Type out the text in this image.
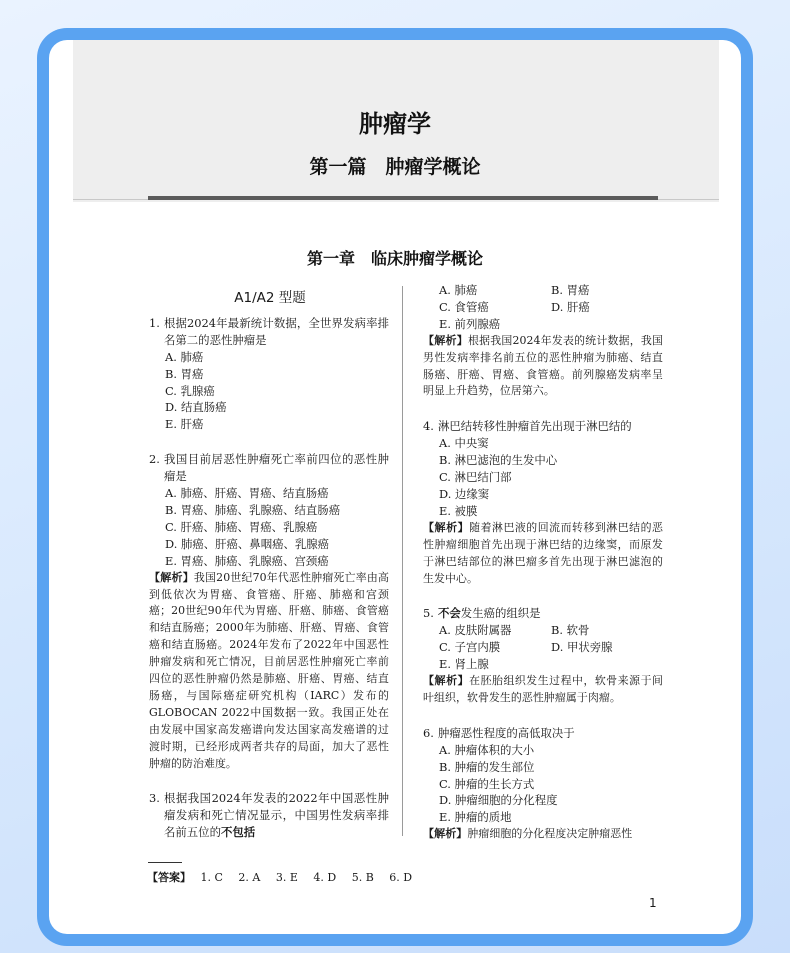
肿瘤学
第一篇　肿瘤学概论
第一章　临床肿瘤学概论
A1/A2 型题
1. 根据2024年最新统计数据，全世界发病率排名第二的恶性肿瘤是
A. 肺癌
B. 胃癌
C. 乳腺癌
D. 结直肠癌
E. 肝癌
2. 我国目前居恶性肿瘤死亡率前四位的恶性肿瘤是
A. 肺癌、肝癌、胃癌、结直肠癌
B. 胃癌、肺癌、乳腺癌、结直肠癌
C. 肝癌、肺癌、胃癌、乳腺癌
D. 肺癌、肝癌、鼻咽癌、乳腺癌
E. 胃癌、肺癌、乳腺癌、宫颈癌
【解析】我国20世纪70年代恶性肿瘤死亡率由高到低依次为胃癌、食管癌、肝癌、肺癌和宫颈癌；20世纪90年代为胃癌、肝癌、肺癌、食管癌和结直肠癌；2000年为肺癌、肝癌、胃癌、食管癌和结直肠癌。2024年发布了2022年中国恶性肿瘤发病和死亡情况，目前居恶性肿瘤死亡率前四位的恶性肿瘤仍然是肺癌、肝癌、胃癌、结直肠癌，与国际癌症研究机构（IARC）发布的GLOBOCAN 2022中国数据一致。我国正处在由发展中国家高发癌谱向发达国家高发癌谱的过渡时期，已经形成两者共存的局面，加大了恶性肿瘤的防治难度。
3. 根据我国2024年发表的2022年中国恶性肿瘤发病和死亡情况显示，中国男性发病率排名前五位的不包括
A. 肺癌	B. 胃癌
C. 食管癌	D. 肝癌
E. 前列腺癌
【解析】根据我国2024年发表的统计数据，我国男性发病率排名前五位的恶性肿瘤为肺癌、结直肠癌、肝癌、胃癌、食管癌。前列腺癌发病率呈明显上升趋势，位居第六。
4. 淋巴结转移性肿瘤首先出现于淋巴结的
A. 中央窦
B. 淋巴滤泡的生发中心
C. 淋巴结门部
D. 边缘窦
E. 被膜
【解析】随着淋巴液的回流而转移到淋巴结的恶性肿瘤细胞首先出现于淋巴结的边缘窦，而原发于淋巴结部位的淋巴瘤多首先出现于淋巴滤泡的生发中心。
5. 不会发生癌的组织是
A. 皮肤附属器	B. 软骨
C. 子宫内膜	D. 甲状旁腺
E. 肾上腺
【解析】在胚胎组织发生过程中，软骨来源于间叶组织，软骨发生的恶性肿瘤属于肉瘤。
6. 肿瘤恶性程度的高低取决于
A. 肿瘤体积的大小
B. 肿瘤的发生部位
C. 肿瘤的生长方式
D. 肿瘤细胞的分化程度
E. 肿瘤的质地
【解析】肿瘤细胞的分化程度决定肿瘤恶性
【答案】 1. C 2. A 3. E 4. D 5. B 6. D
1
